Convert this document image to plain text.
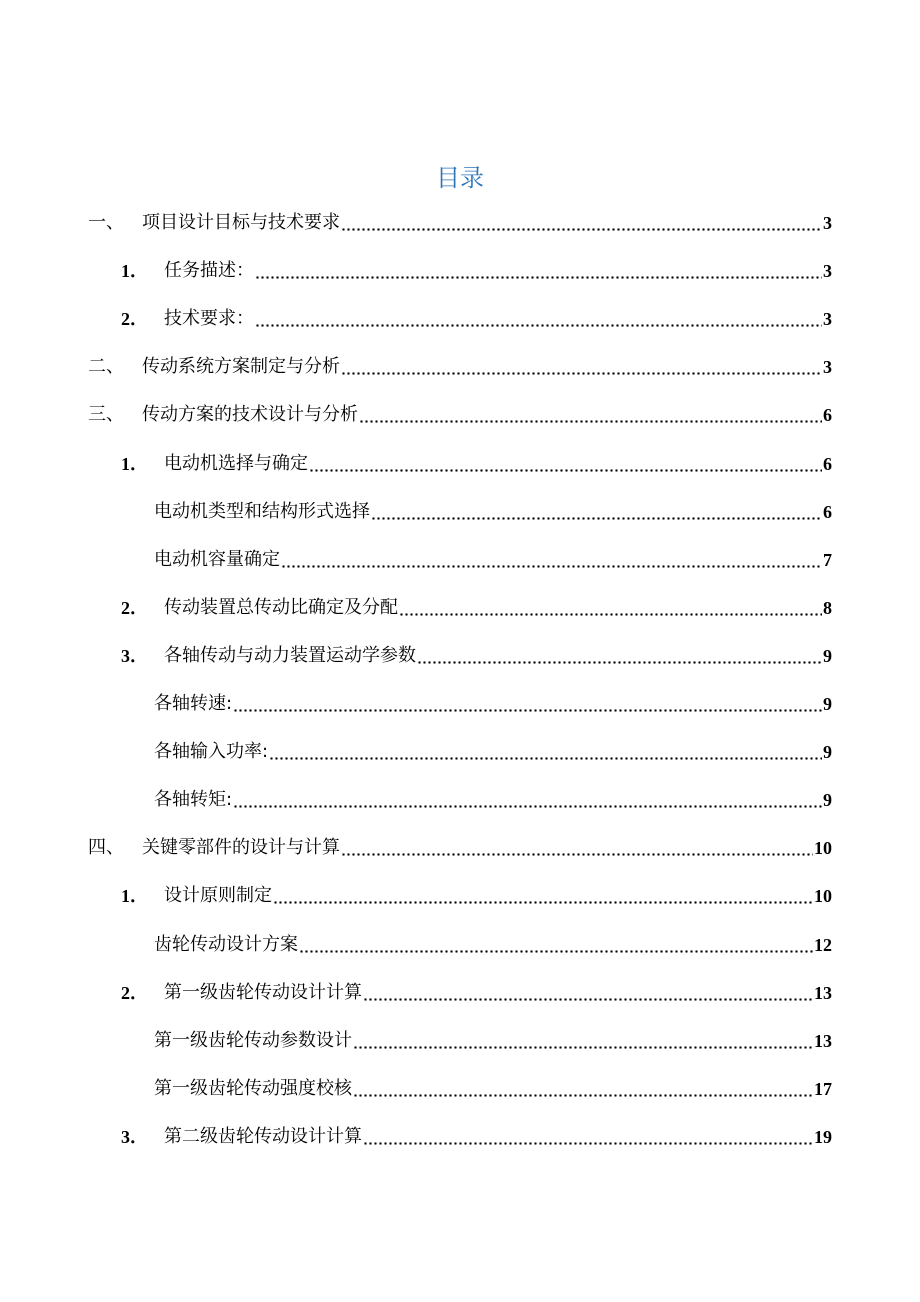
目录
一、	项目设计目标与技术要求	3
1． 任务描述：	3
2． 技术要求：	3
二、	传动系统方案制定与分析	3
三、	传动方案的技术设计与分析	6
1． 电动机选择与确定	6
电动机类型和结构形式选择	6
电动机容量确定	7
2． 传动装置总传动比确定及分配	8
3． 各轴传动与动力装置运动学参数	9
各轴转速:	9
各轴输入功率:	9
各轴转矩:	9
四、	关键零部件的设计与计算	10
1． 设计原则制定	10
齿轮传动设计方案	12
2． 第一级齿轮传动设计计算	13
第一级齿轮传动参数设计	13
第一级齿轮传动强度校核	17
3． 第二级齿轮传动设计计算	19
